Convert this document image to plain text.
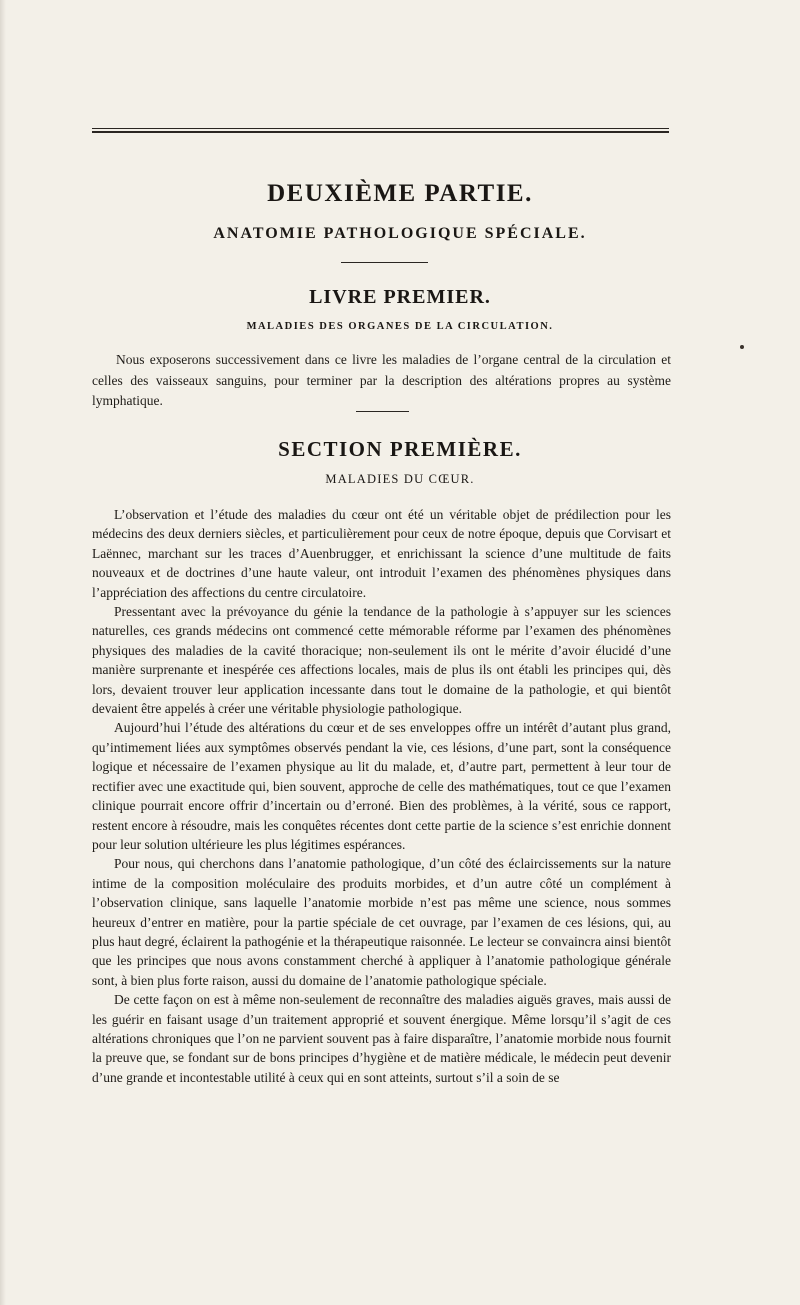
DEUXIÈME PARTIE.
ANATOMIE PATHOLOGIQUE SPÉCIALE.
LIVRE PREMIER.
MALADIES DES ORGANES DE LA CIRCULATION.

Nous exposerons successivement dans ce livre les maladies de l’organe central de la circulation et celles des vaisseaux sanguins, pour terminer par la description des altérations propres au système lymphatique.

SECTION PREMIÈRE.
MALADIES DU CŒUR.

L’observation et l’étude des maladies du cœur ont été un véritable objet de prédilection pour les médecins des deux derniers siècles, et particulièrement pour ceux de notre époque, depuis que Corvisart et Laënnec, marchant sur les traces d’Auenbrugger, et enrichissant la science d’une multitude de faits nouveaux et de doctrines d’une haute valeur, ont introduit l’examen des phénomènes physiques dans l’appréciation des affections du centre circulatoire.

Pressentant avec la prévoyance du génie la tendance de la pathologie à s’appuyer sur les sciences naturelles, ces grands médecins ont commencé cette mémorable réforme par l’examen des phénomènes physiques des maladies de la cavité thoracique; non-seulement ils ont le mérite d’avoir élucidé d’une manière surprenante et inespérée ces affections locales, mais de plus ils ont établi les principes qui, dès lors, devaient trouver leur application incessante dans tout le domaine de la pathologie, et qui bientôt devaient être appelés à créer une véritable physiologie pathologique.

Aujourd’hui l’étude des altérations du cœur et de ses enveloppes offre un intérêt d’autant plus grand, qu’intimement liées aux symptômes observés pendant la vie, ces lésions, d’une part, sont la conséquence logique et nécessaire de l’examen physique au lit du malade, et, d’autre part, permettent à leur tour de rectifier avec une exactitude qui, bien souvent, approche de celle des mathématiques, tout ce que l’examen clinique pourrait encore offrir d’incertain ou d’erroné. Bien des problèmes, à la vérité, sous ce rapport, restent encore à résoudre, mais les conquêtes récentes dont cette partie de la science s’est enrichie donnent pour leur solution ultérieure les plus légitimes espérances.

Pour nous, qui cherchons dans l’anatomie pathologique, d’un côté des éclaircissements sur la nature intime de la composition moléculaire des produits morbides, et d’un autre côté un complément à l’observation clinique, sans laquelle l’anatomie morbide n’est pas même une science, nous sommes heureux d’entrer en matière, pour la partie spéciale de cet ouvrage, par l’examen de ces lésions, qui, au plus haut degré, éclairent la pathogénie et la thérapeutique raisonnée. Le lecteur se convaincra ainsi bientôt que les principes que nous avons constamment cherché à appliquer à l’anatomie pathologique générale sont, à bien plus forte raison, aussi du domaine de l’anatomie pathologique spéciale.

De cette façon on est à même non-seulement de reconnaître des maladies aiguës graves, mais aussi de les guérir en faisant usage d’un traitement approprié et souvent énergique. Même lorsqu’il s’agit de ces altérations chroniques que l’on ne parvient souvent pas à faire disparaître, l’anatomie morbide nous fournit la preuve que, se fondant sur de bons principes d’hygiène et de matière médicale, le médecin peut devenir d’une grande et incontestable utilité à ceux qui en sont atteints, surtout s’il a soin de se
